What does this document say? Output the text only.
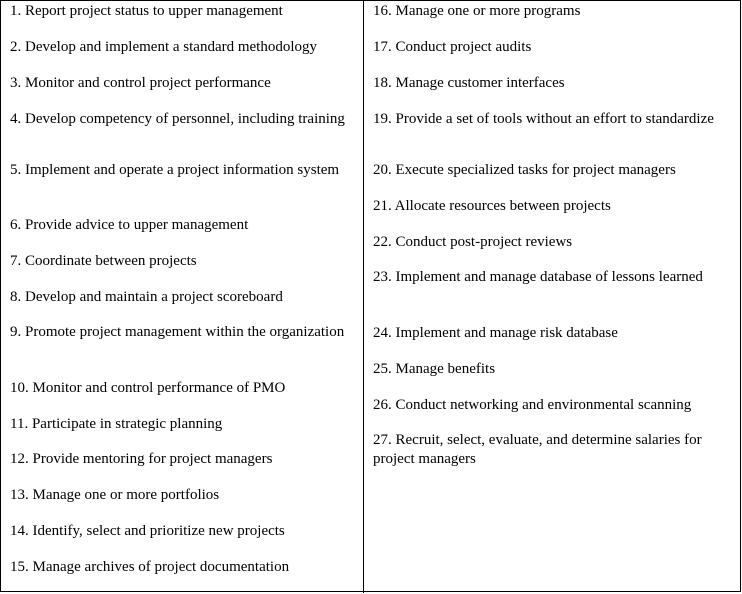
1. Report project status to upper management
2. Develop and implement a standard methodology
3. Monitor and control project performance
4. Develop competency of personnel, including training
5. Implement and operate a project information system
6. Provide advice to upper management
7. Coordinate between projects
8. Develop and maintain a project scoreboard
9. Promote project management within the organization
10. Monitor and control performance of PMO
11. Participate in strategic planning
12. Provide mentoring for project managers
13. Manage one or more portfolios
14. Identify, select and prioritize new projects
15. Manage archives of project documentation
16. Manage one or more programs
17. Conduct project audits
18. Manage customer interfaces
19. Provide a set of tools without an effort to standardize
20. Execute specialized tasks for project managers
21. Allocate resources between projects
22. Conduct post-project reviews
23. Implement and manage database of lessons learned
24. Implement and manage risk database
25. Manage benefits
26. Conduct networking and environmental scanning
27. Recruit, select, evaluate, and determine salaries for project managers
